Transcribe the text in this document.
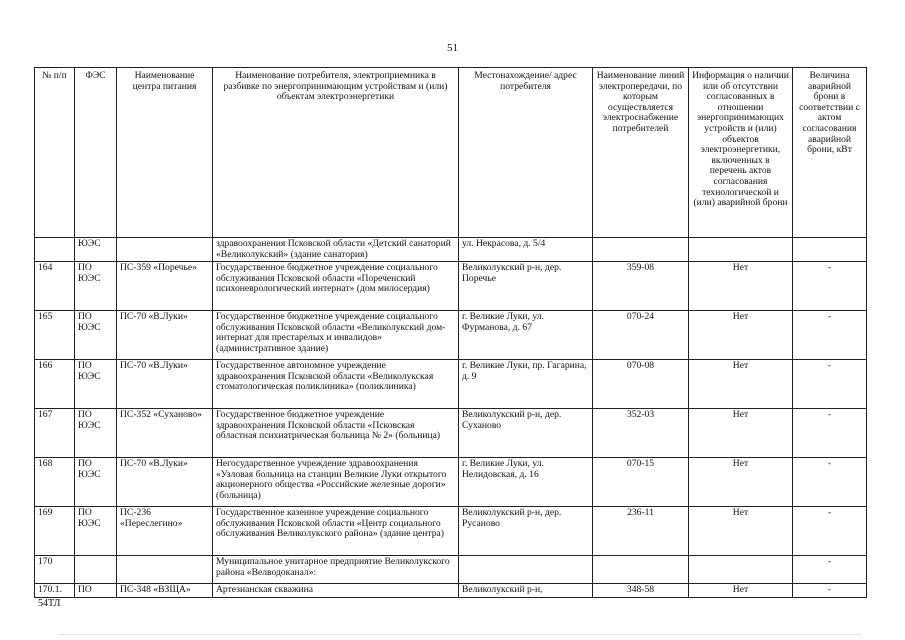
51
№ п/п	ФЭС	Наименование центра питания	Наименование потребителя, электроприемника в разбивке по энергопринимающим устройствам и (или) объектам электроэнергетики	Местонахождение/ адрес потребителя	Наименование линий электропередачи, по которым осуществляется электроснабжение потребителей	Информация о наличии или об отсутствии согласованных в отношении энергопринимающих устройств и (или) объектов электроэнергетики, включенных в перечень актов согласования технологической и (или) аварийной брони	Величина аварийной брони в соответствии с актом согласования аварийной брони, кВт
	ЮЭС		здравоохранения Псковской области «Детский санаторий «Великолукский» (здание санатория)	ул. Некрасова, д. 5/4			
164	ПО ЮЭС	ПС-359 «Поречье»	Государственное бюджетное учреждение социального обслуживания Псковской области «Пореченский психоневрологический интернат» (дом милосердия)	Великолукский р-н, дер. Поречье	359-08	Нет	-
165	ПО ЮЭС	ПС-70 «В.Луки»	Государственное бюджетное учреждение социального обслуживания Псковской области «Великолукский дом-интернат для престарелых и инвалидов» (административное здание)	г. Великие Луки, ул. Фурманова, д. 67	070-24	Нет	-
166	ПО ЮЭС	ПС-70 «В.Луки»	Государственное автономное учреждение здравоохранения Псковской области «Великолукская стоматологическая поликлиника» (поликлиника)	г. Великие Луки, пр. Гагарина, д. 9	070-08	Нет	-
167	ПО ЮЭС	ПС-352 «Суханово»	Государственное бюджетное учреждение здравоохранения Псковской области «Псковская областная психиатрическая больница № 2» (больница)	Великолукский р-н, дер. Суханово	352-03	Нет	-
168	ПО ЮЭС	ПС-70 «В.Луки»	Негосударственное учреждение здравоохранения «Узловая больница на станции Великие Луки открытого акционерного общества «Российские железные дороги» (больница)	г. Великие Луки, ул. Нелидовская, д. 16	070-15	Нет	-
169	ПО ЮЭС	ПС-236 «Переслегино»	Государственное казенное учреждение социального обслуживания Псковской области «Центр социального обслуживания Великолукского района» (здание центра)	Великолукский р-н, дер. Русаново	236-11	Нет	-
170			Муниципальное унитарное предприятие Великолукского района «Велводоканал»:				-
170.1.	ПО	ПС-348 «ВЗЩА»	Артезианская скважина	Великолукский р-н,	348-58	Нет	-
54ТЛ
